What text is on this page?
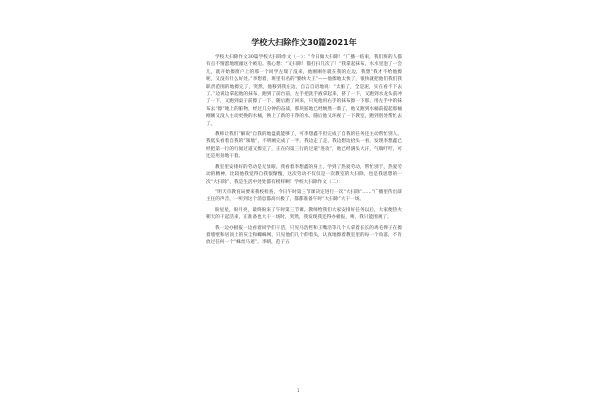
学校大扫除作文30篇2021年

学校大扫除作文30篇学校大扫除作文（一）：“今日做大扫除！”广播一结束，我们班的人都有点不情愿地埋頭这个被迫。我心想：“又扫除！都打扫几次了！”我拿起抹布，水水里泡了一会儿，就开始擦窗户上的那一个同学左瑞了没来，他刚刚住就在我的左边，我想“我才不给他擦呢，又没有什么好处。”李想着，班里有名的“勤快大王”——他擦地太快了，很快就把他们我们我职责范围的地擦完了，突然，他移到我左边，自言自语地说：“太脏了，全是泥，实在看不下去了。”边说边拿起他的抹布，跑到了前台前，左手把洗手液拿起来，挤了一下，又跑到水龙头前冲了一下，又跑到桌子前擦了一下，随后跑了回来，只见他用右手的抹布擦一下那，用左手中的抹布去“擦”地上的脏物，经过几分钟的奋战，那块脏地已经焕然一新了，他又跑到水桶前提起那桶刚刚又没人主动更换的水桶，换上了新的干净的水。随后他又环视了一下教室，跑到别处帮忙去了。

教师让我们“解说”自我的地盘就能够了，可李想鑫不但完成了自我的任务还主动帮忙别人。我低头看着自我的“领地”，不明刚完成了一半，我边走了走，我边想边拾头一看，发现李想鑫已经把第一行的行间过道又擦完了，正在向第三行的过道“进攻”，他已经满头大汗，气喘吁吁，可还是用劲地干着。

教室里安排好的劳动是无显眼。我看着李想鑫的身上，学到了热爱劳动，帮忙别于，热爱劳动的精神，比较他我觉得自我很惭愧，这次劳动不仅仅是一次教室的大扫除，也是我思想的一次“大扫除”，我是生活中处处都有榜样啊！学校大扫除作文（二）：

“明天市教育局要来我校检查，今日午时第三节课决定进行一次“大扫除”……”广播里传出薛主任的声音，一听到这个消息都高兴极了，都都准备午时“大扫除”大干一场。

盼星星，盼月亮，最终盼来了午时第三节课。教师给我们大家安排好任务以后，大家便热火朝天的干起活来，正准备也大干一场时，突然，我发现我还得办板报，唉，我只能围观了。

我一边办板报一边看着同学们干活，只见马浩哲和王嘴浩等几个人拿着长长的鸡毛掸子在擦着墙壁和居顶上的灰尘和蜘蛛网，只见他们几个仰着头，认真地擦着教室里的每一个角落，不肯放过任何一个“蛛丝马迹”。李晴，范子五

1
